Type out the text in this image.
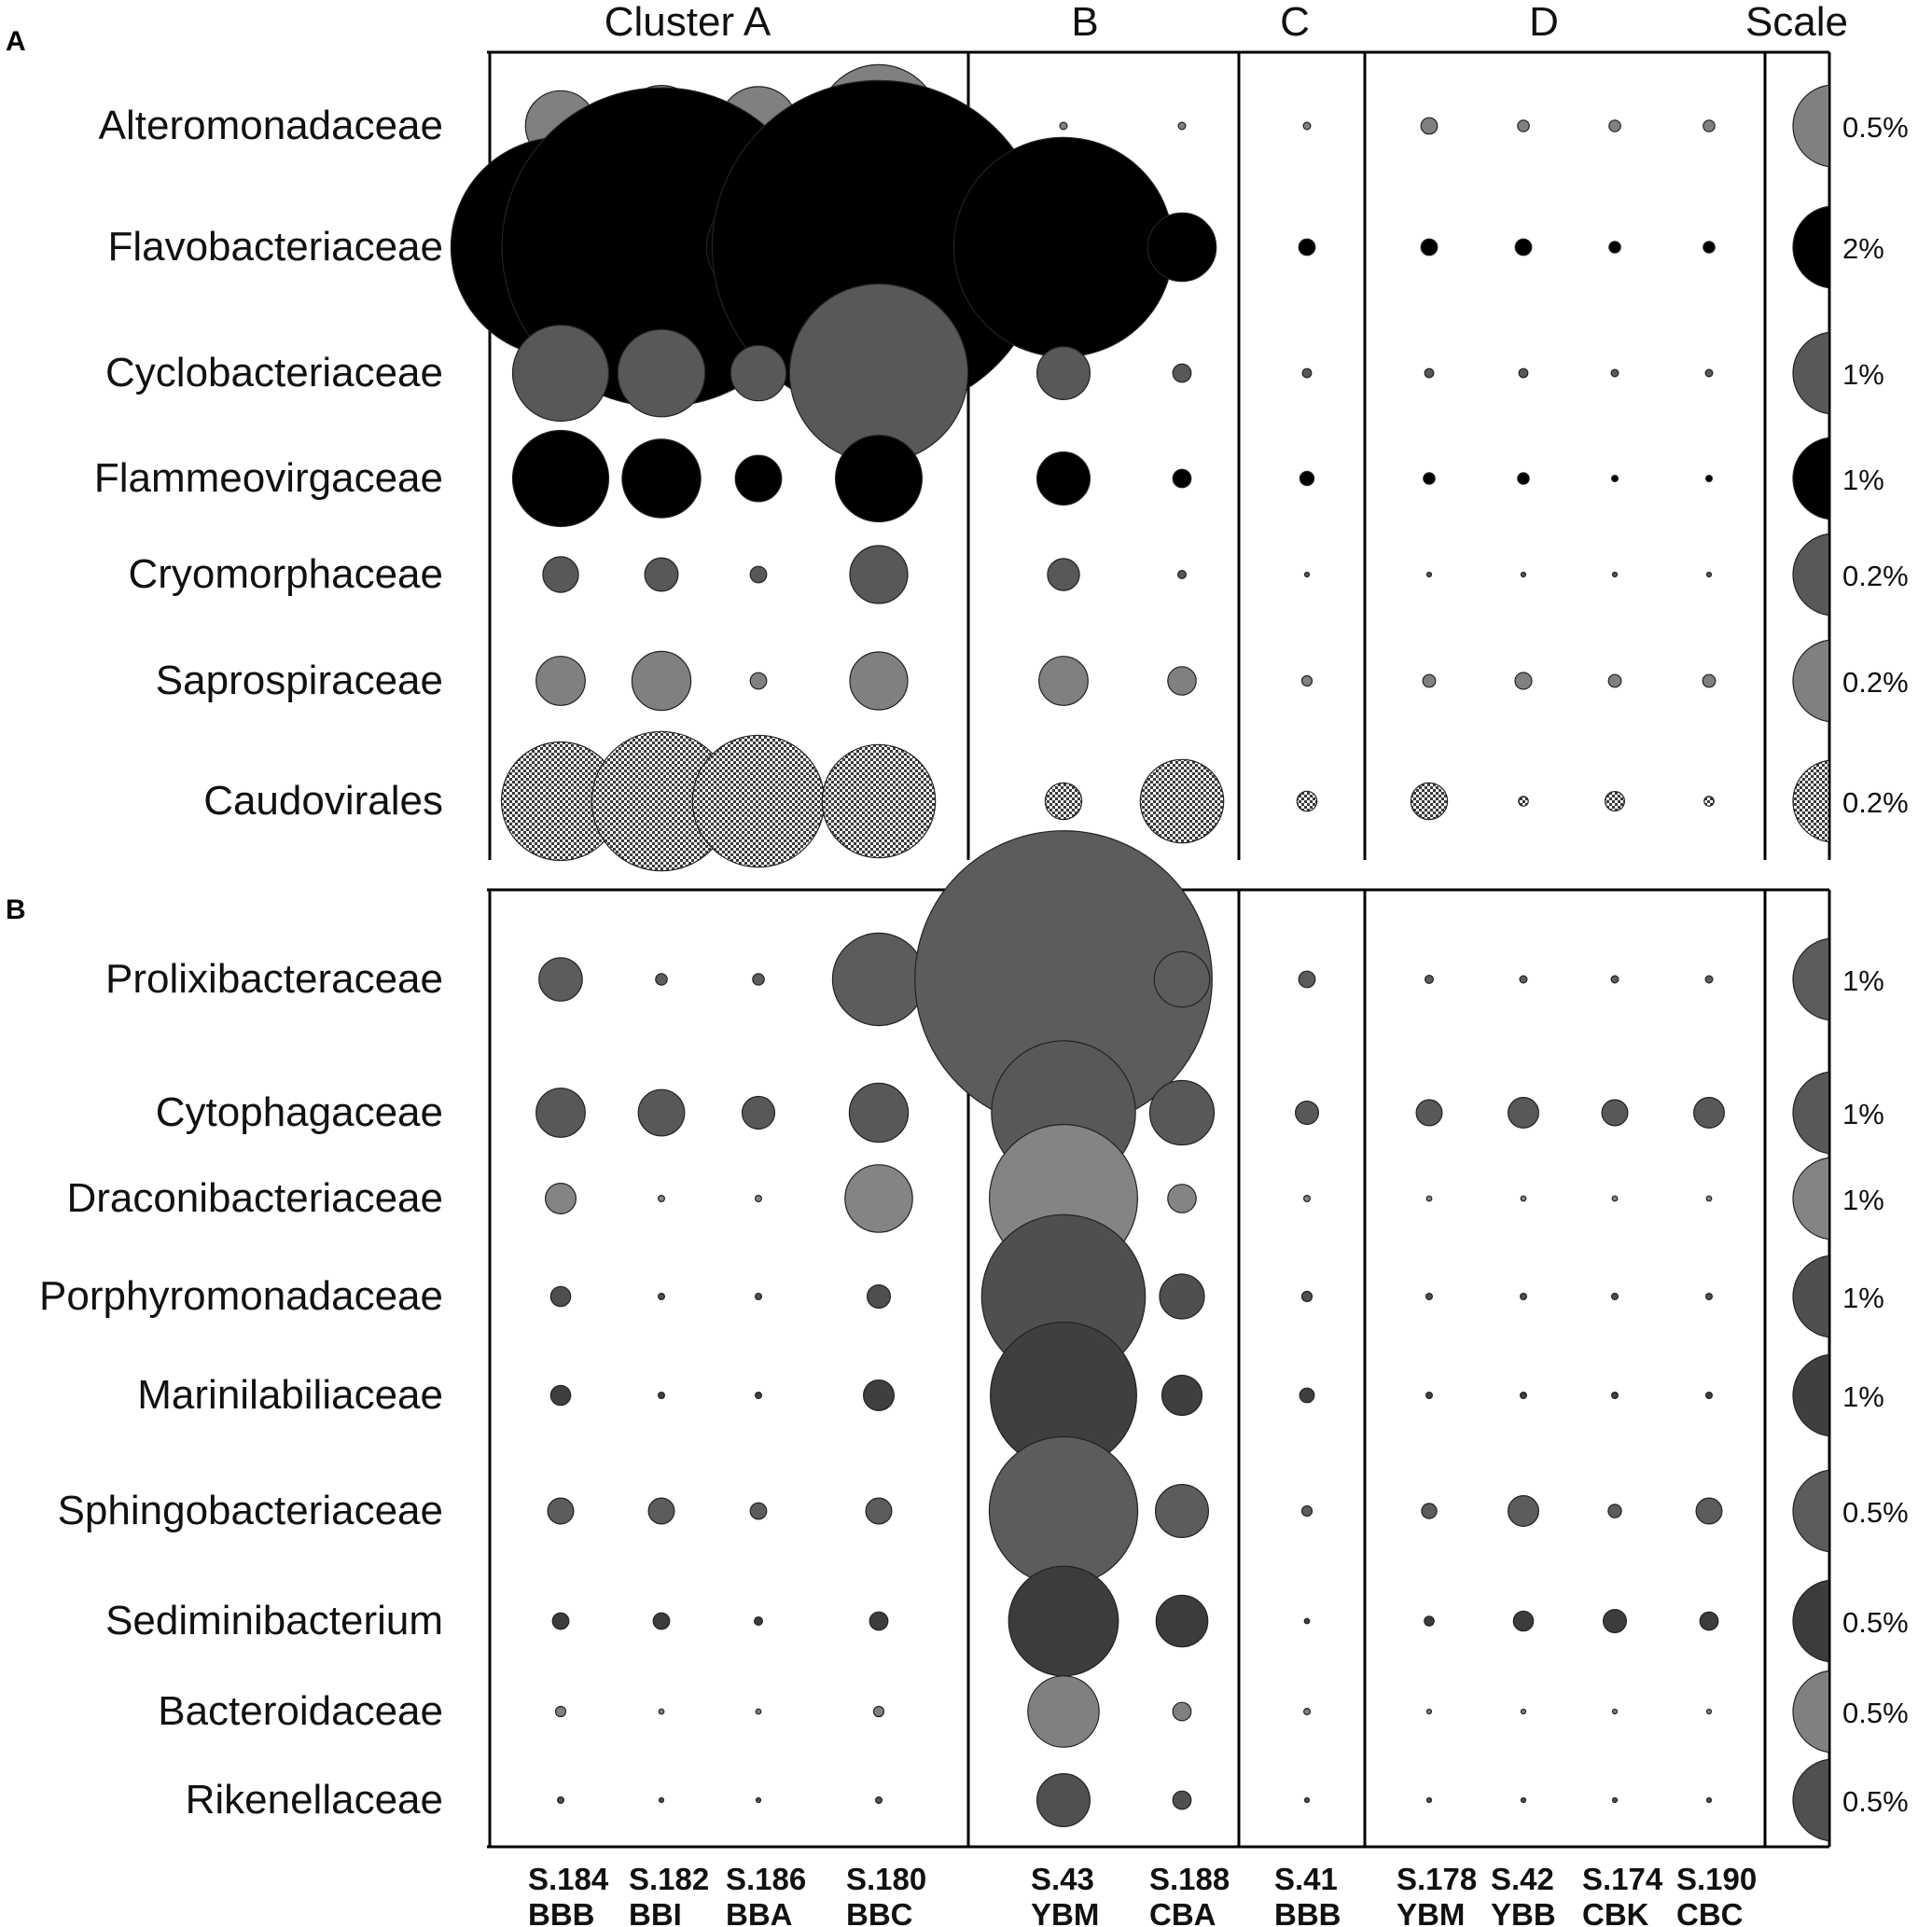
Cluster A	B	C	D	Scale
A
B
Alteromonadaceae	0.5%
Flavobacteriaceae	2%
Cyclobacteriaceae	1%
Flammeovirgaceae	1%
Cryomorphaceae	0.2%
Saprospiraceae	0.2%
Caudovirales	0.2%
Prolixibacteraceae	1%
Cytophagaceae	1%
Draconibacteriaceae	1%
Porphyromonadaceae	1%
Marinilabiliaceae	1%
Sphingobacteriaceae	0.5%
Sediminibacterium	0.5%
Bacteroidaceae	0.5%
Rikenellaceae	0.5%
S.184
BBB
S.182
BBI
S.186
BBA
S.180
BBC
S.43
YBM
S.188
CBA
S.41
BBB
S.178
YBM
S.42
YBB
S.174
CBK
S.190
CBC
